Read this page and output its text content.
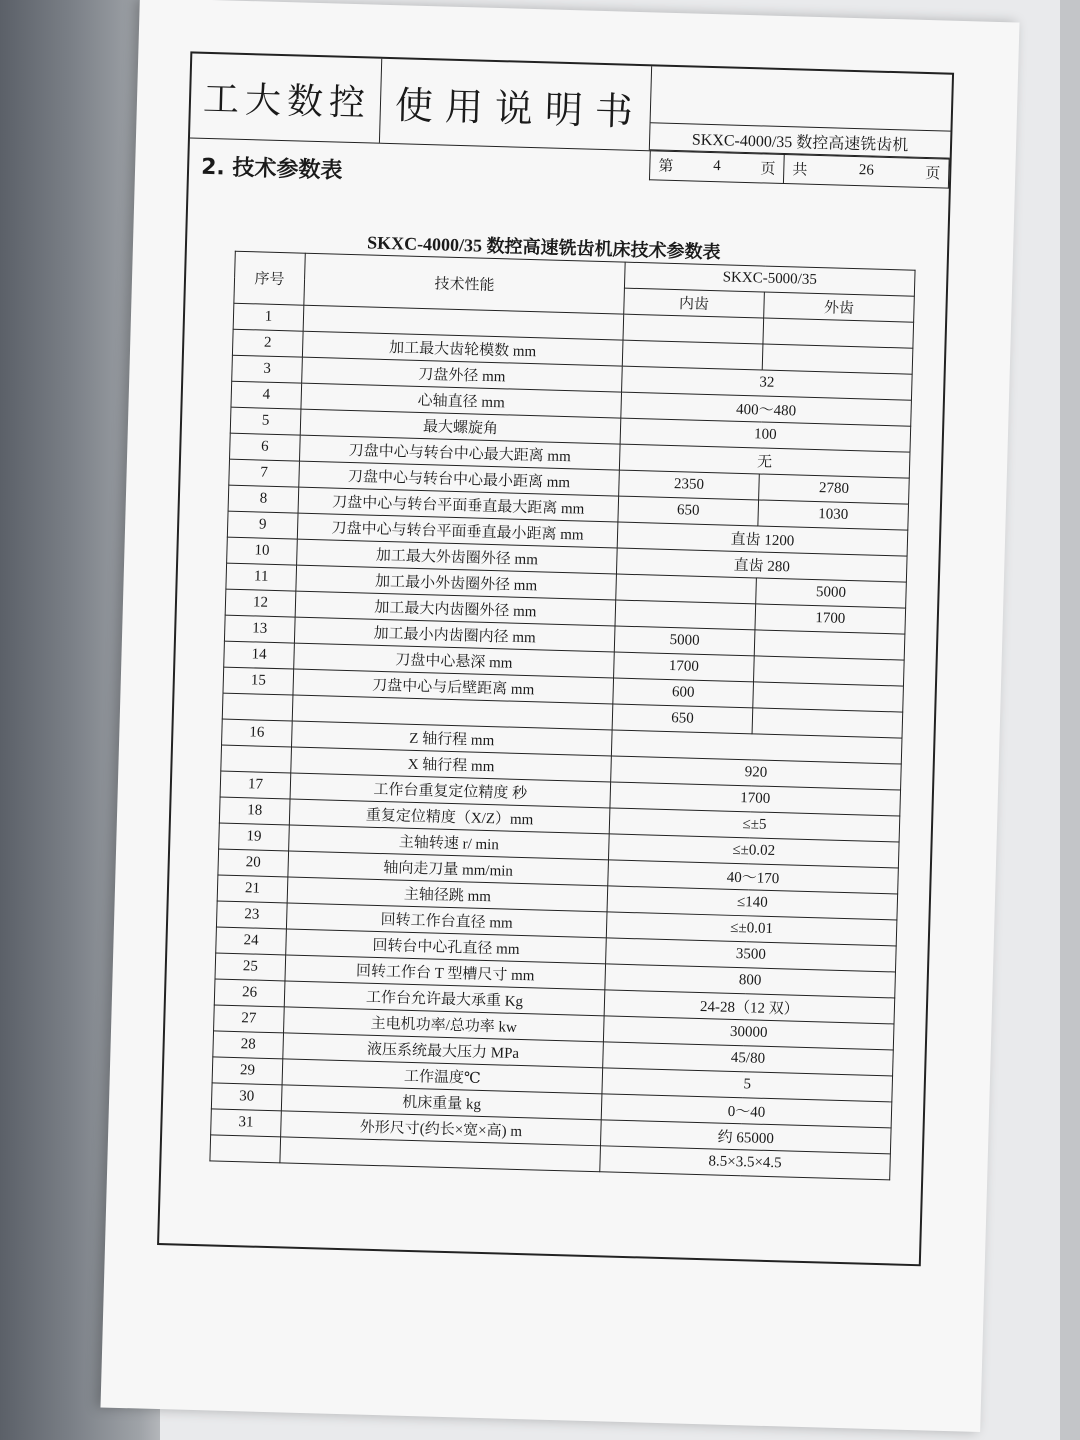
工大数控 使用说明书
SKXC-4000/35 数控高速铣齿机
第	4	页 共	26	页
2. 技术参数表
SKXC-4000/35 数控高速铣齿机床技术参数表
序号	技术性能	SKXC-5000/35	
		内齿	外齿
1			
2	加工最大齿轮模数 mm		
3	刀盘外径 mm	32	
4	心轴直径 mm	400～480	
5	最大螺旋角	100	
6	刀盘中心与转台中心最大距离 mm	无	
7	刀盘中心与转台中心最小距离 mm	2350	2780
8	刀盘中心与转台平面垂直最大距离 mm	650	1030
9	刀盘中心与转台平面垂直最小距离 mm	直齿 1200	
10	加工最大外齿圈外径 mm	直齿 280	
11	加工最小外齿圈外径 mm		5000
12	加工最大内齿圈外径 mm		1700
13	加工最小内齿圈内径 mm	5000	
14	刀盘中心悬深 mm	1700	
15	刀盘中心与后壁距离 mm	600	
		650	
16	Z 轴行程 mm		
	X 轴行程 mm	920	
17	工作台重复定位精度 秒	1700	
18	重复定位精度（X/Z）mm	≤±5	
19	主轴转速 r/ min	≤±0.02	
20	轴向走刀量 mm/min	40～170	
21	主轴径跳 mm	≤140	
23	回转工作台直径 mm	≤±0.01	
24	回转台中心孔直径 mm	3500	
25	回转工作台 T 型槽尺寸 mm	800	
26	工作台允许最大承重 Kg	24-28（12 双）	
27	主电机功率/总功率 kw	30000	
28	液压系统最大压力 MPa	45/80	
29	工作温度℃	5	
30	机床重量 kg	0～40	
31	外形尺寸(约长×宽×高) m	约 65000	
		8.5×3.5×4.5	
